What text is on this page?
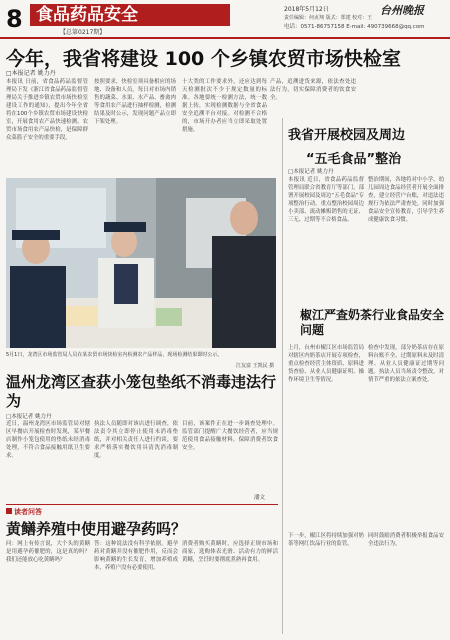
8 食品药品安全
【总第0217期】
2018年5月12日	台州晚报
责任编辑：何贞翔 版式：郑建 校对：王
电话：0571-86757158 E-mail: 490739668@qq.com
今年，我省将建设 100 个乡镇农贸市场快检室
□本报记者 姚力丹
本报讯 日前，省食品药品监督管理局下发《浙江省食品药品监督管理局关于推进乡镇农贸市场快检室建设工作的通知》，提出今年全省将在100个乡镇农贸市场建设快检室，开展食用农产品快速检测。农贸市场食用农产品快检，是保障群众菜篮子安全的重要手段。
按照要求，快检室须具备相应的场地、设备和人员，每日对市场内销售的蔬菜、水果、水产品、畜禽肉等食用农产品进行抽样检测，检测结果及时公示，发现问题产品立即下架处理。
十大类的工作要求外，还应达到每天检测批次不少于规定数量的标准。各地要统一检测方法，统一数据上传，实现检测数据与全省食品安全追溯平台对接。对检测不合格的，市场开办者应当立即采取处置措施。
产品，追溯进货来源，依法查处违法行为，切实保障消费者的饮食安全。
5月1日，龙湾区市场监管局人员在某农贸市场快检室内检测农产品样品，现场检测结果即时公示。
江友富 王凯民 摄
我省开展校园及周边
“五毛食品”整治
□本报记者 姚力丹
本报讯 近日，省食品药品监督管理局联合省教育厅等部门，部署开展校园及周边“五毛食品”专项整治行动，重点整治校园周边小卖部、流动摊贩销售的无证、三无、过期等不合格食品。
整治期间，各地将对中小学、幼儿园周边食品经营者开展全面排查，建立经营户台账，对违法违规行为依法严肃查处，同时加强食品安全宣传教育，引导学生养成健康饮食习惯。
椒江严查奶茶行业食品安全问题
上月，台州市椒江区市场监管局对辖区内奶茶店开展专项检查，重点检查经营主体资质、原料进货查验、从业人员健康证明、操作环境卫生等情况。
检查中发现，部分奶茶店存在原料台账不全、过期原料未及时清理、从业人员健康证过期等问题。执法人员当场责令整改，对情节严重的依法立案查处。
下一步，椒江区将持续加强对奶茶等网红饮品行业的监管。
同时鼓励消费者积极举报食品安全违法行为。
温州龙湾区查获小笼包垫纸不消毒违法行为
□本报记者 姚力丹
近日，温州龙湾区市场监管局对辖区早餐店开展检查时发现，某早餐店制作小笼包使用的垫纸未经消毒处理，不符合食品接触用纸卫生要求。
执法人员随即对该店进行调查，依法责令其立即停止使用未消毒垫纸，并对相关责任人进行约谈，要求严格落实餐饮用具清洗消毒制度。
目前，该案件正在进一步调查处理中。监管部门提醒广大餐饮经营者，应当规范使用食品接触材料，保障消费者饮食安全。
潘文
读者问答
黄鳝养殖中使用避孕药吗？
问：网上有传言说，大个头的黄鳝是用避孕药催肥的，这是真的吗？我们还能放心吃黄鳝吗？
答：这种说法没有科学依据。避孕药对黄鳝并没有催肥作用，反而会影响黄鳝的生长发育，增加养殖成本，养殖户没有必要使用。
消费者购买黄鳝时，应选择正规市场和商家，选购体表光滑、活动有力的鲜活黄鳝，烹饪时要彻底煮熟再食用。
